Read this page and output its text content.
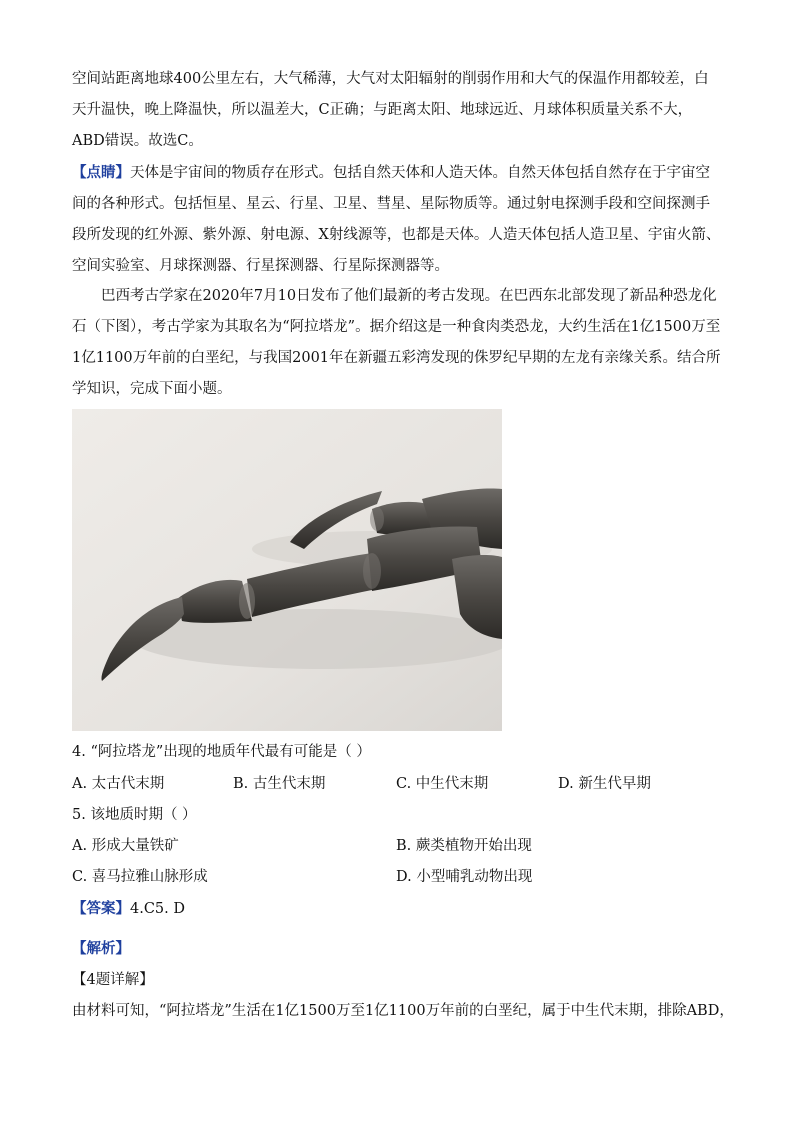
空间站距离地球400公里左右，大气稀薄，大气对太阳辐射的削弱作用和大气的保温作用都较差，白天升温快，晚上降温快，所以温差大，C正确；与距离太阳、地球远近、月球体积质量关系不大，ABD错误。故选C。

【点睛】天体是宇宙间的物质存在形式。包括自然天体和人造天体。自然天体包括自然存在于宇宙空间的各种形式。包括恒星、星云、行星、卫星、彗星、星际物质等。通过射电探测手段和空间探测手段所发现的红外源、紫外源、射电源、X射线源等，也都是天体。人造天体包括人造卫星、宇宙火箭、空间实验室、月球探测器、行星探测器、行星际探测器等。

巴西考古学家在2020年7月10日发布了他们最新的考古发现。在巴西东北部发现了新品种恐龙化石（下图），考古学家为其取名为“阿拉塔龙”。据介绍这是一种食肉类恐龙，大约生活在1亿1500万至1亿1100万年前的白垩纪，与我国2001年在新疆五彩湾发现的侏罗纪早期的左龙有亲缘关系。结合所学知识，完成下面小题。

4. “阿拉塔龙”出现的地质年代最有可能是（ ）
A. 太古代末期	B. 古生代末期	C. 中生代末期	D. 新生代早期
5. 该地质时期（ ）
A. 形成大量铁矿	B. 蕨类植物开始出现
C. 喜马拉雅山脉形成	D. 小型哺乳动物出现
【答案】4.C5. D
【解析】
【4题详解】
由材料可知，“阿拉塔龙”生活在1亿1500万至1亿1100万年前的白垩纪，属于中生代末期，排除ABD，
